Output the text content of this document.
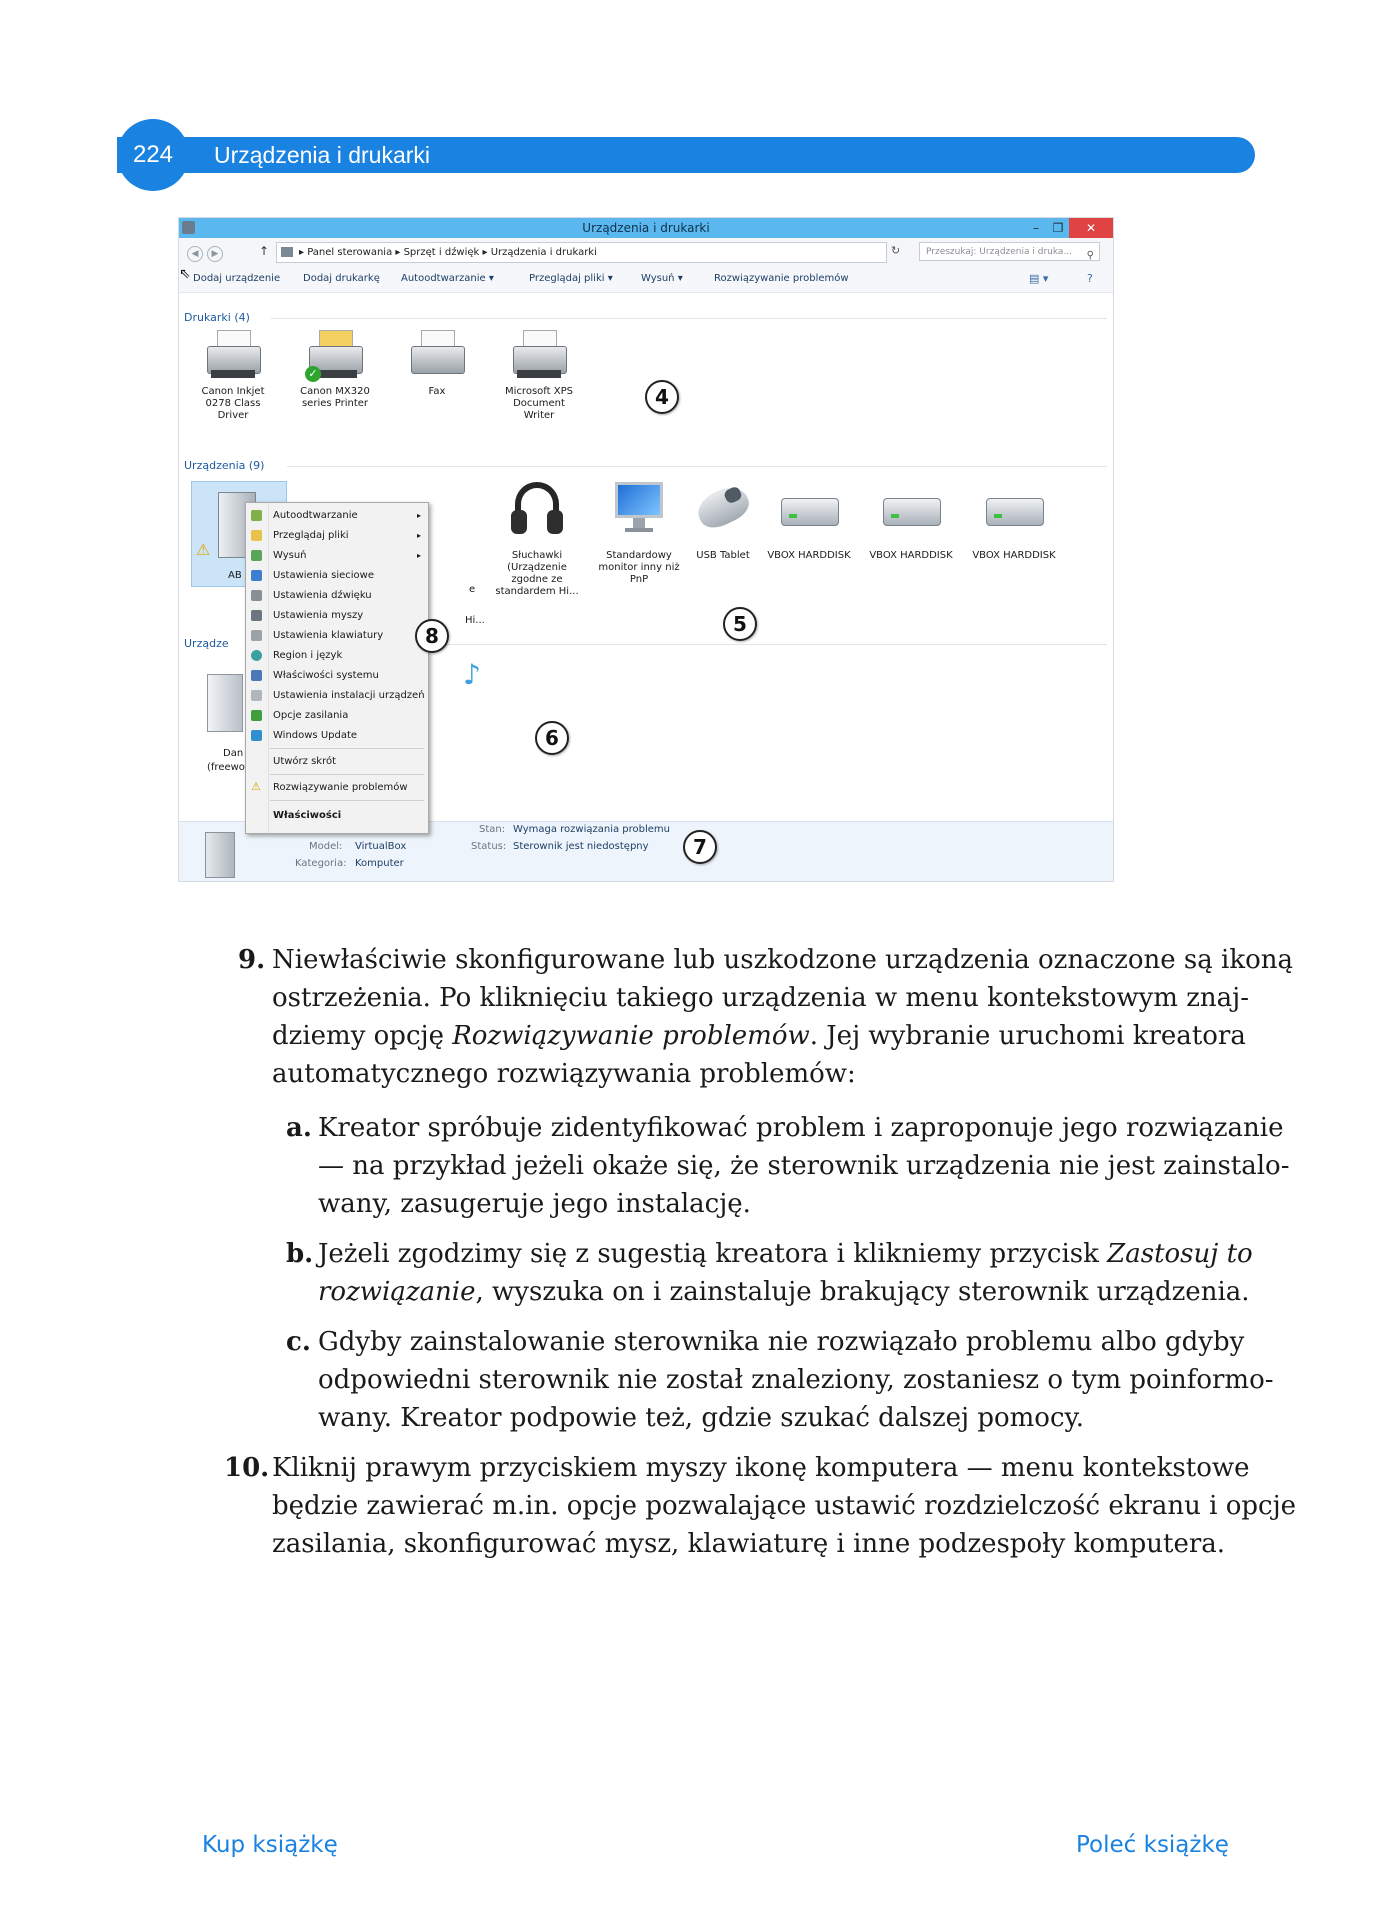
224	Urządzenia i drukarki
Urządzenia i drukarki	–	❐	✕
◀	▶	↑	▸ Panel sterowania ▸ Sprzęt i dźwięk ▸ Urządzenia i drukarki	↻	Przeszukaj: Urządzenia i druka... ⚲
Dodaj urządzenie Dodaj drukarkę Autoodtwarzanie ▾	Przeglądaj pliki ▾	Wysuń ▾	Rozwiązywanie problemów	▤ ▾	?
⇖
Drukarki (4)
Canon Inkjet
0278 Class Driver
✓
Canon MX320
series Printer
Fax	Microsoft XPS
Document Writer
Urządzenia (9)
⚠
AB
e
Hi...
Słuchawki
(Urządzenie
zgodne ze
standardem Hi...
Standardowy
monitor inny niż
PnP
USB Tablet	VBOX HARDDISK VBOX HARDDISK VBOX HARDDISK
Urządze
Dan
(freewo
♪
Model: VirtualBox
Kategoria: Komputer
Stan: Wymaga rozwiązania problemu
Status: Sterownik jest niedostępny
Autoodtwarzanie	▸
Przeglądaj pliki	▸
Wysuń	▸
Ustawienia sieciowe
Ustawienia dźwięku
Ustawienia myszy
Ustawienia klawiatury
Region i język
Właściwości systemu
Ustawienia instalacji urządzeń
Opcje zasilania
Windows Update
Utwórz skrót
⚠ Rozwiązywanie problemów
Właściwości
4
5
6
7
8
9. Niewłaściwie skonfigurowane lub uszkodzone urządzenia oznaczone są ikoną
ostrzeżenia. Po kliknięciu takiego urządzenia w menu kontekstowym znaj-
dziemy opcję Rozwiązywanie problemów. Jej wybranie uruchomi kreatora
automatycznego rozwiązywania problemów:
a. Kreator spróbuje zidentyfikować problem i zaproponuje jego rozwiązanie
— na przykład jeżeli okaże się, że sterownik urządzenia nie jest zainstalo-
wany, zasugeruje jego instalację.
b. Jeżeli zgodzimy się z sugestią kreatora i klikniemy przycisk Zastosuj to
rozwiązanie, wyszuka on i zainstaluje brakujący sterownik urządzenia.
c. Gdyby zainstalowanie sterownika nie rozwiązało problemu albo gdyby
odpowiedni sterownik nie został znaleziony, zostaniesz o tym poinformo-
wany. Kreator podpowie też, gdzie szukać dalszej pomocy.
10. Kliknij prawym przyciskiem myszy ikonę komputera — menu kontekstowe
będzie zawierać m.in. opcje pozwalające ustawić rozdzielczość ekranu i opcje
zasilania, skonfigurować mysz, klawiaturę i inne podzespoły komputera.
Kup książkę	Poleć książkę
